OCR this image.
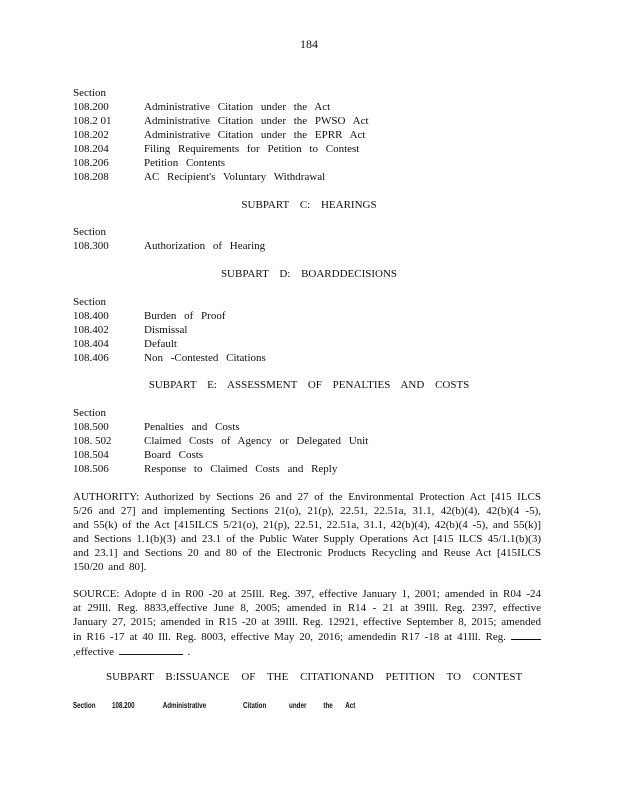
184
Section
108.200	Administrative Citation under the Act
108.2 01	Administrative Citation under the PWSO Act
108.202	Administrative Citation under the EPRR Act
108.204	Filing Requirements for Petition to Contest
108.206	Petition Contents
108.208	AC Recipient's Voluntary Withdrawal
SUBPART C: HEARINGS
Section
108.300	Authorization of Hearing
SUBPART D: BOARDDECISIONS
Section
108.400	Burden of Proof
108.402	Dismissal
108.404	Default
108.406	Non -Contested Citations
SUBPART E: ASSESSMENT OF PENALTIES AND COSTS
Section
108.500	Penalties and Costs
108. 502	Claimed Costs of Agency or Delegated Unit
108.504	Board Costs
108.506	Response to Claimed Costs and Reply
AUTHORITY: Authorized by Sections 26 and 27 of the Environmental Protection Act [415 ILCS 5/26 and 27] and implementing Sections 21(o), 21(p), 22.51, 22.51a, 31.1, 42(b)(4), 42(b)(4 -5), and 55(k) of the Act [415ILCS 5/21(o), 21(p), 22.51, 22.51a, 31.1, 42(b)(4), 42(b)(4 -5), and 55(k)] and Sections 1.1(b)(3) and 23.1 of the Public Water Supply Operations Act [415 ILCS 45/1.1(b)(3) and 23.1] and Sections 20 and 80 of the Electronic Products Recycling and Reuse Act [415ILCS 150/20 and 80].
SOURCE: Adopte d in R00 -20 at 25Ill. Reg. 397, effective January 1, 2001; amended in R04 -24 at 29Ill. Reg. 8833,effective June 8, 2005; amended in R14 - 21 at 39Ill. Reg. 2397, effective January 27, 2015; amended in R15 -20 at 39Ill. Reg. 12921, effective September 8, 2015; amended in R16 -17 at 40 Ill. Reg. 8003, effective May 20, 2016; amendedin R17 -18 at 41Ill. Reg. ,effective	.
SUBPART B:ISSUANCE OF THE CITATIONAND PETITION TO CONTEST
Section 108.200	Administrative	Citation	under the Act
